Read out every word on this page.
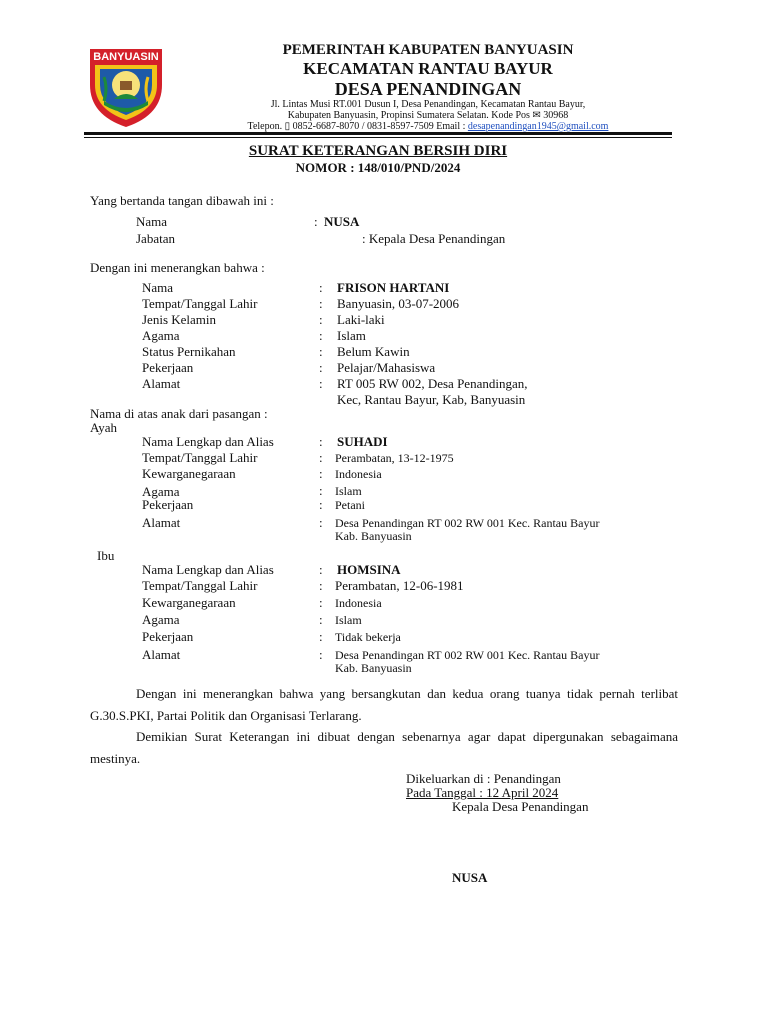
BANYUASIN	PEMERINTAH KABUPATEN BANYUASIN
KECAMATAN RANTAU BAYUR
DESA PENANDINGAN
Jl. Lintas Musi RT.001 Dusun I, Desa Penandingan, Kecamatan Rantau Bayur,
Kabupaten Banyuasin, Propinsi Sumatera Selatan. Kode Pos ✉ 30968
Telepon. ▯ 0852-6687-8070 / 0831-8597-7509 Email : desapenandingan1945@gmail.com
SURAT KETERANGAN BERSIH DIRI
NOMOR : 148/010/PND/2024
Yang bertanda tangan dibawah ini :
Nama	: NUSA
Jabatan	: Kepala Desa Penandingan
Dengan ini menerangkan bahwa :
Nama	: FRISON HARTANI
Tempat/Tanggal Lahir	: Banyuasin, 03-07-2006
Jenis Kelamin	: Laki-laki
Agama	: Islam
Status Pernikahan	: Belum Kawin
Pekerjaan	: Pelajar/Mahasiswa
Alamat	: RT 005 RW 002, Desa Penandingan,
Kec, Rantau Bayur, Kab, Banyuasin
Nama di atas anak dari pasangan :
Ayah
Nama Lengkap dan Alias	: SUHADI
Tempat/Tanggal Lahir	: Perambatan, 13-12-1975
Kewarganegaraan	: Indonesia
Agama	: Islam
Pekerjaan	: Petani
Alamat	: Desa Penandingan RT 002 RW 001 Kec. Rantau Bayur
Kab. Banyuasin
Ibu
Nama Lengkap dan Alias	: HOMSINA
Tempat/Tanggal Lahir	: Perambatan, 12-06-1981
Kewarganegaraan	: Indonesia
Agama	: Islam
Pekerjaan	: Tidak bekerja
Alamat	: Desa Penandingan RT 002 RW 001 Kec. Rantau Bayur
Kab. Banyuasin
Dengan ini menerangkan bahwa yang bersangkutan dan kedua orang tuanya tidak pernah terlibat G.30.S.PKI, Partai Politik dan Organisasi Terlarang.
Demikian Surat Keterangan ini dibuat dengan sebenarnya agar dapat dipergunakan sebagaimana mestinya.
Dikeluarkan di : Penandingan
Pada Tanggal : 12 April 2024
Kepala Desa Penandingan
NUSA
